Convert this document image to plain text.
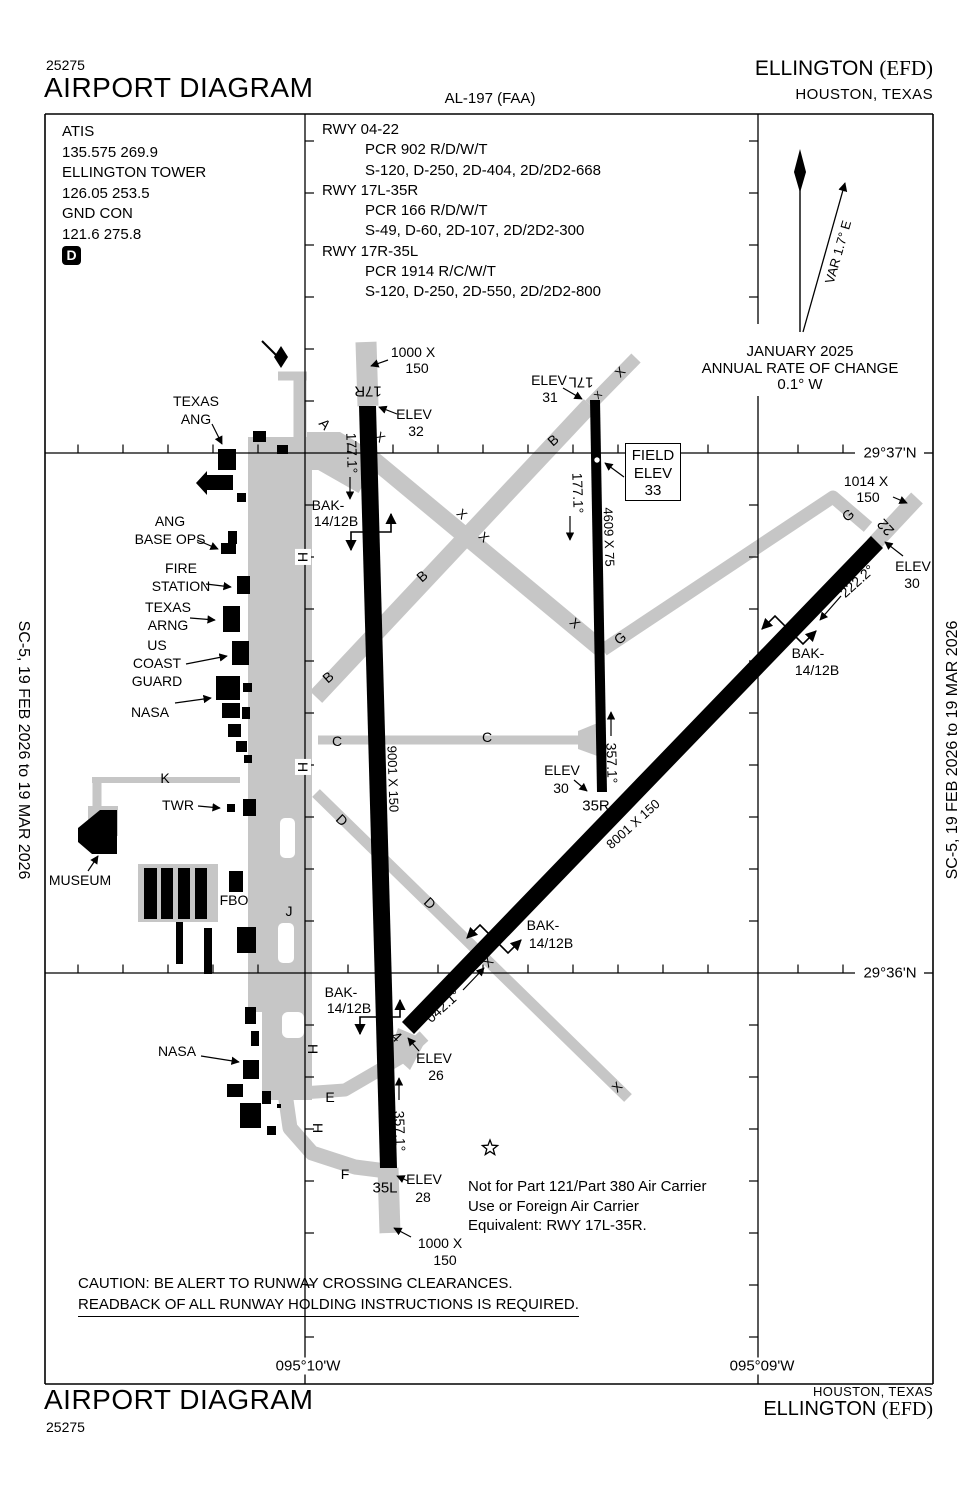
17R
17L
35R
35L
4
22
1000 X
150
9001 X 150
4609 X 75
8001 X 150
1014 X
150
1000 X
150
177.1°
177.1°
357.1°
357.1°
042.1°
222.2°
ELEV
32
ELEV
31
ELEV
30
ELEV
30
ELEV
26
ELEV
28
BAK-
14/12B
BAK-
14/12B
BAK-
14/12B
BAK-
14/12B
A
B
B
B
C	C
D
D
E
F
G
G
H
H
H
H
J
K
X
X
X
X
X
X
X
X
TEXAS
ANG
ANG
BASE OPS
FIRE
STATION
TEXAS
ARNG
US
COAST
GUARD
NASA
TWR
MUSEUM
FBO
NASA
29°37'N
29°36'N
095°10'W	095°09'W
25275
AIRPORT DIAGRAM	AL-197 (FAA)
ELLINGTON (EFD)
HOUSTON, TEXAS
ATIS
135.575 269.9
ELLINGTON TOWER
126.05 253.5
GND CON
121.6 275.8
D
RWY 04-22
PCR 902 R/D/W/T
S-120, D-250, 2D-404, 2D/2D2-668
RWY 17L-35R
PCR 166 R/D/W/T
S-49, D-60, 2D-107, 2D/2D2-300
RWY 17R-35L
PCR 1914 R/C/W/T
S-120, D-250, 2D-550, 2D/2D2-800
JANUARY 2025
ANNUAL RATE OF CHANGE
0.1° W
VAR 1.7° E
FIELD
ELEV
33
Not for Part 121/Part 380 Air Carrier
Use or Foreign Air Carrier
Equivalent: RWY 17L-35R.
CAUTION: BE ALERT TO RUNWAY CROSSING CLEARANCES.
READBACK OF ALL RUNWAY HOLDING INSTRUCTIONS IS REQUIRED.
AIRPORT DIAGRAM
25275
HOUSTON, TEXAS
ELLINGTON (EFD)
SC-5, 19 FEB 2026 to 19 MAR 2026	SC-5, 19 FEB 2026 to 19 MAR 2026
